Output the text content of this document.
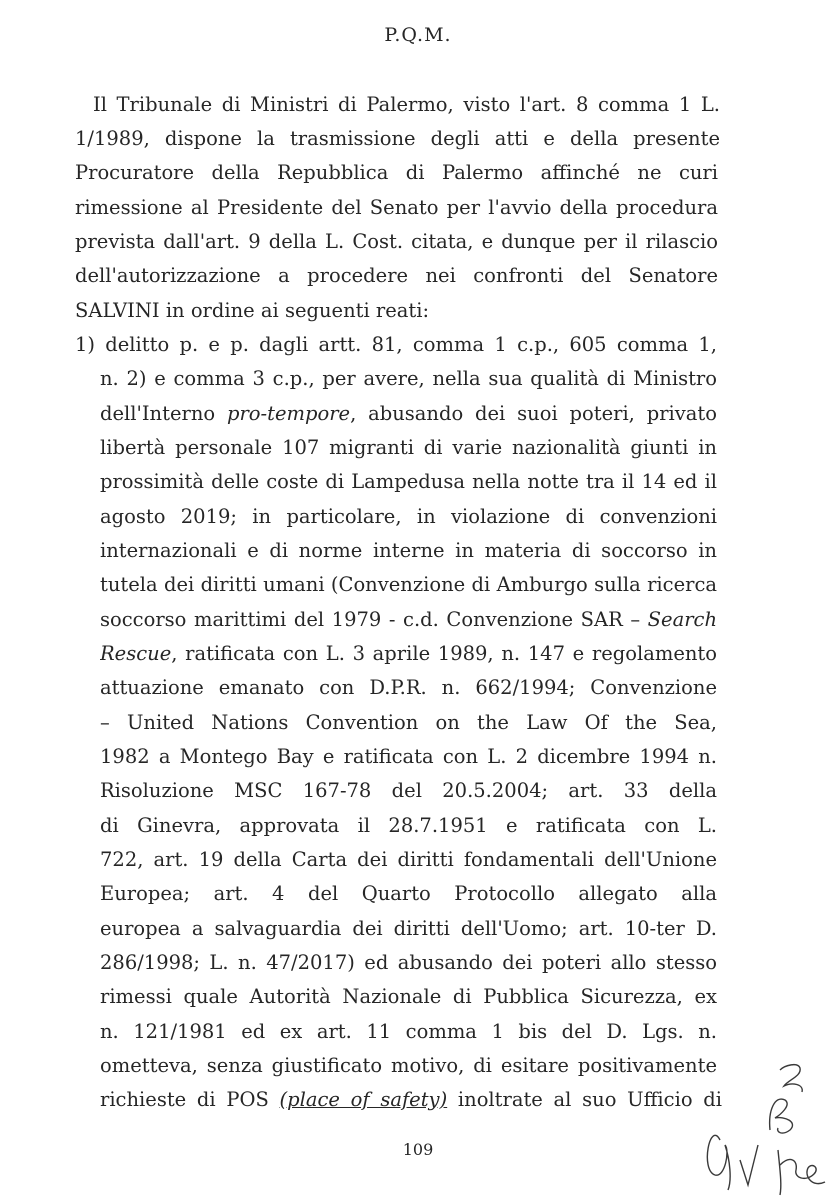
P.Q.M.
Il Tribunale di Ministri di Palermo, visto l'art. 8 comma 1 L.
1/1989, dispone la trasmissione degli atti e della presente
Procuratore della Repubblica di Palermo affinché ne curi
rimessione al Presidente del Senato per l'avvio della procedura
prevista dall'art. 9 della L. Cost. citata, e dunque per il rilascio
dell'autorizzazione a procedere nei confronti del Senatore
SALVINI in ordine ai seguenti reati:
1) delitto p. e p. dagli artt. 81, comma 1 c.p., 605 comma 1,
n. 2) e comma 3 c.p., per avere, nella sua qualità di Ministro
dell'Interno pro-tempore, abusando dei suoi poteri, privato
libertà personale 107 migranti di varie nazionalità giunti in
prossimità delle coste di Lampedusa nella notte tra il 14 ed il
agosto 2019; in particolare, in violazione di convenzioni
internazionali e di norme interne in materia di soccorso in
tutela dei diritti umani (Convenzione di Amburgo sulla ricerca
soccorso marittimi del 1979 - c.d. Convenzione SAR – Search
Rescue, ratificata con L. 3 aprile 1989, n. 147 e regolamento
attuazione emanato con D.P.R. n. 662/1994; Convenzione
– United Nations Convention on the Law Of the Sea,
1982 a Montego Bay e ratificata con L. 2 dicembre 1994 n.
Risoluzione MSC 167-78 del 20.5.2004; art. 33 della
di Ginevra, approvata il 28.7.1951 e ratificata con L.
722, art. 19 della Carta dei diritti fondamentali dell'Unione
Europea; art. 4 del Quarto Protocollo allegato alla
europea a salvaguardia dei diritti dell'Uomo; art. 10-ter D.
286/1998; L. n. 47/2017) ed abusando dei poteri allo stesso
rimessi quale Autorità Nazionale di Pubblica Sicurezza, ex
n. 121/1981 ed ex art. 11 comma 1 bis del D. Lgs. n.
ometteva, senza giustificato motivo, di esitare positivamente
richieste di POS (place of safety) inoltrate al suo Ufficio di
109
